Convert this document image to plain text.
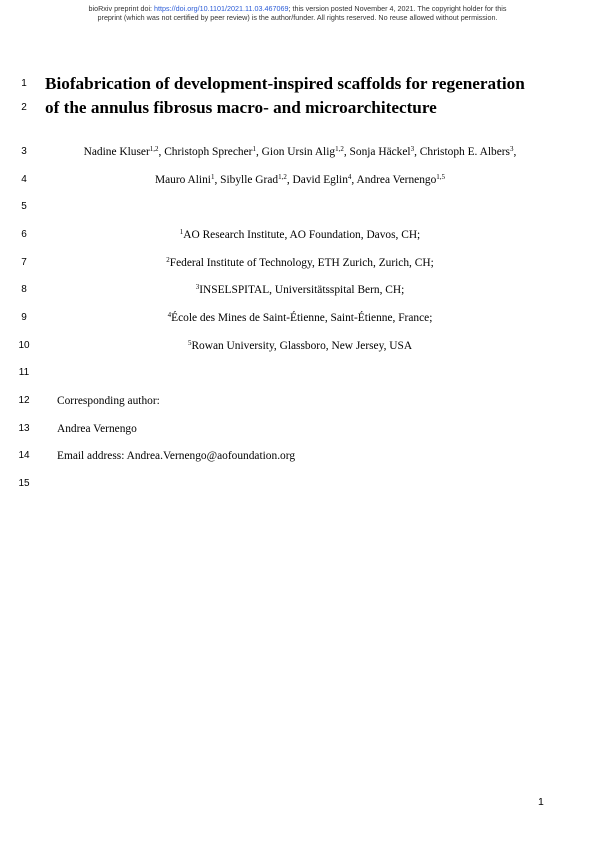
bioRxiv preprint doi: https://doi.org/10.1101/2021.11.03.467069; this version posted November 4, 2021. The copyright holder for this
preprint (which was not certified by peer review) is the author/funder. All rights reserved. No reuse allowed without permission.
1
2
3
4
5
6
7
8
9
10
11
12
13
14
15
Biofabrication of development-inspired scaffolds for regeneration
of the annulus fibrosus macro- and microarchitecture
Nadine Kluser$^{1,2}$, Christoph Sprecher$^1$, Gion Ursin Alig$^{1,2}$, Sonja Häckel$^3$, Christoph E. Albers$^3$,
Mauro Alini$^1$, Sibylle Grad$^{1,2}$, David Eglin$^4$, Andrea Vernengo$^{1,5}$
$^1$AO Research Institute, AO Foundation, Davos, CH;
$^2$Federal Institute of Technology, ETH Zurich, Zurich, CH;
$^3$INSELSPITAL, Universitätsspital Bern, CH;
$^4$École des Mines de Saint-Étienne, Saint-Étienne, France;
$^5$Rowan University, Glassboro, New Jersey, USA
Corresponding author:
Andrea Vernengo
Email address: Andrea.Vernengo@aofoundation.org
1
